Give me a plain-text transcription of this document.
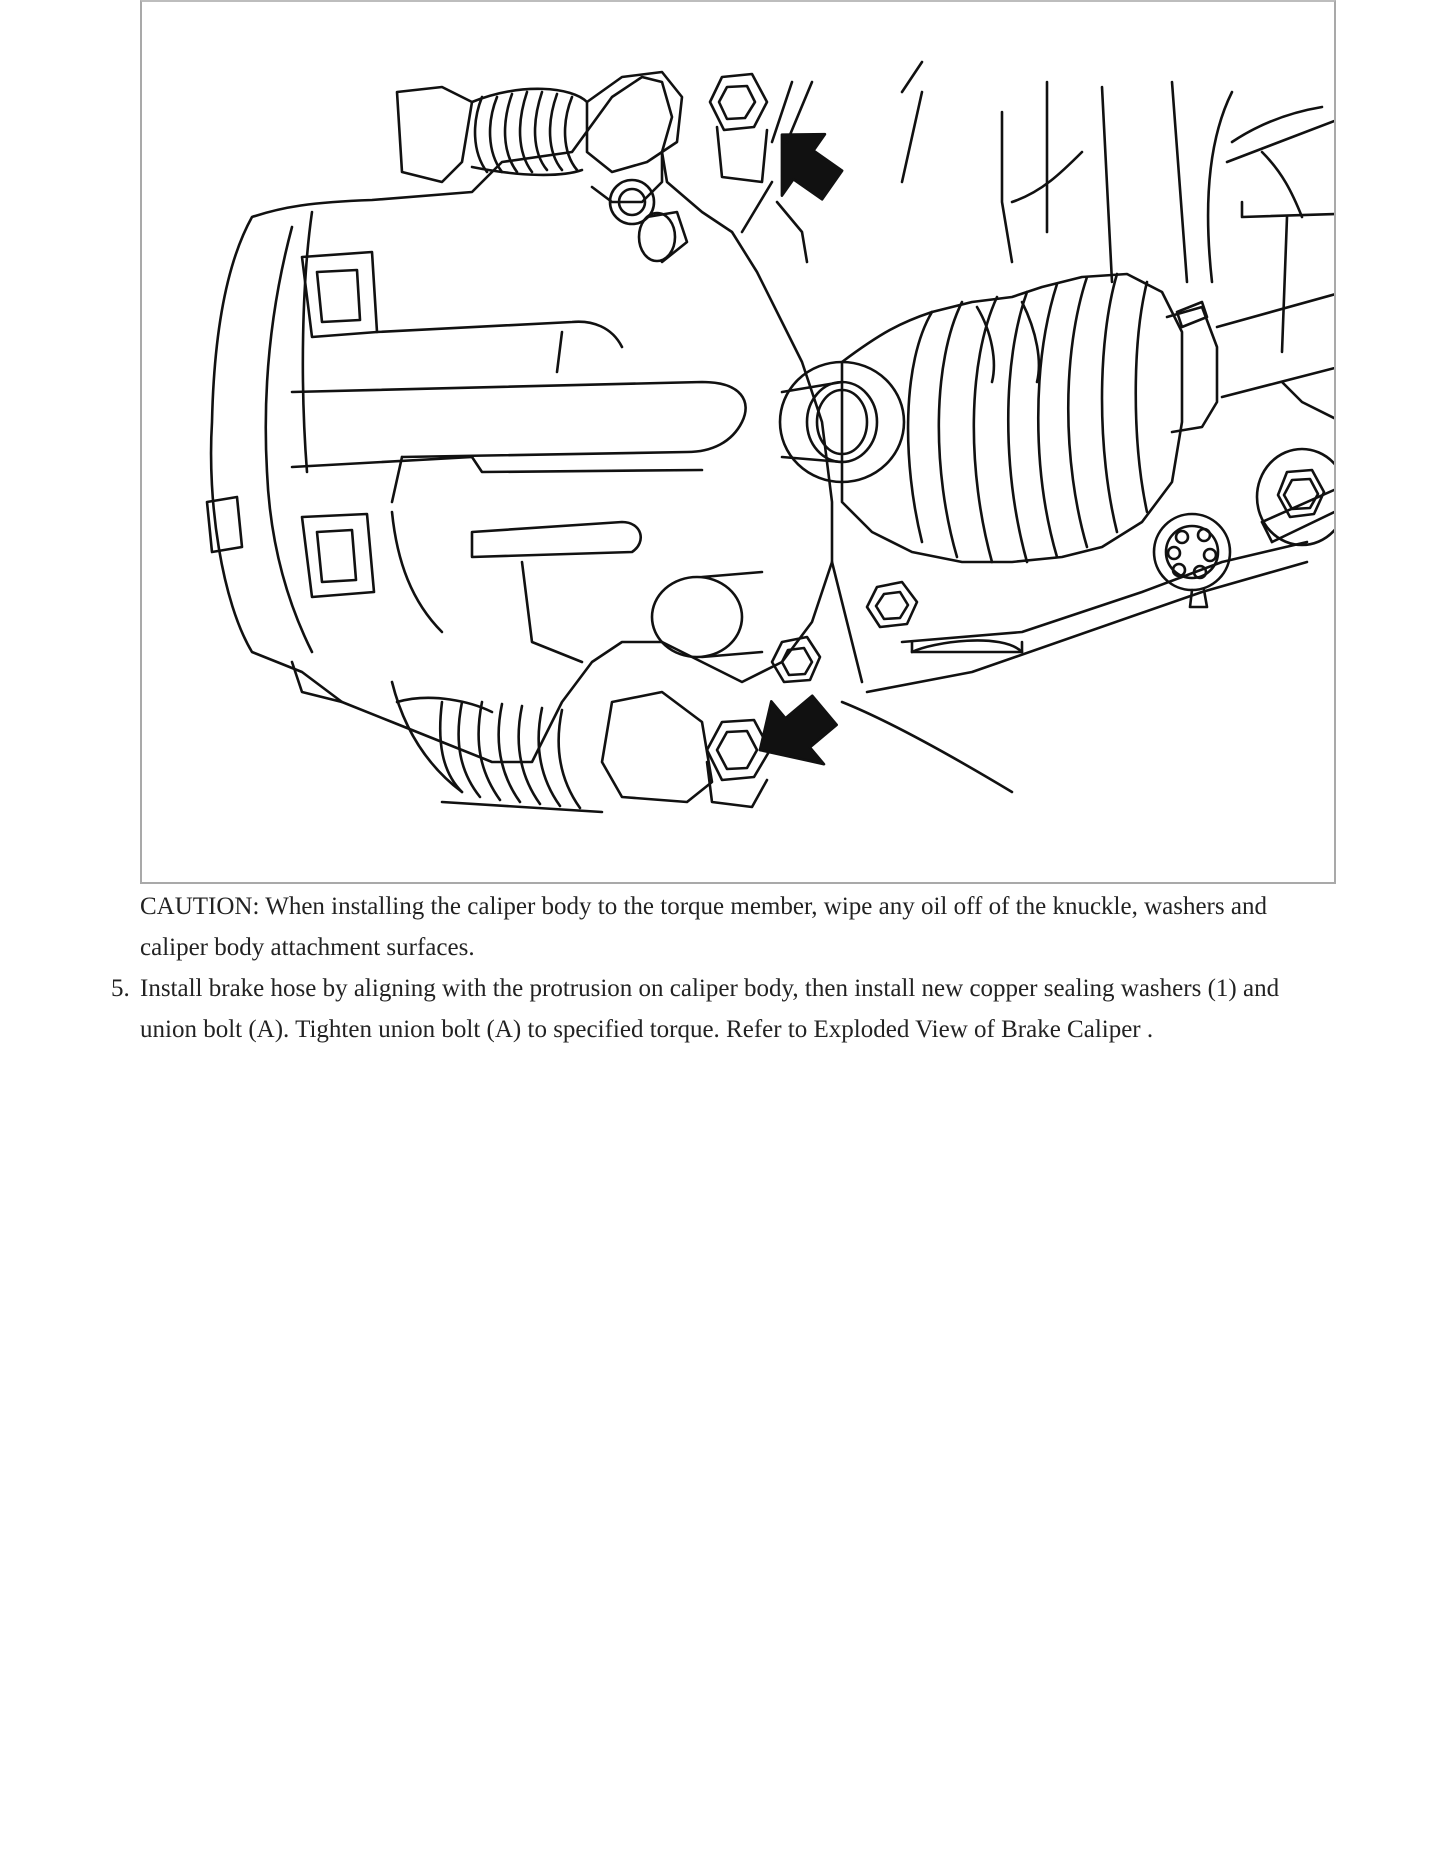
CAUTION: When installing the caliper body to the torque member, wipe any oil off of the knuckle, washers and caliper body attachment surfaces.

5. Install brake hose by aligning with the protrusion on caliper body, then install new copper sealing washers (1) and union bolt (A). Tighten union bolt (A) to specified torque. Refer to Exploded View of Brake Caliper .
